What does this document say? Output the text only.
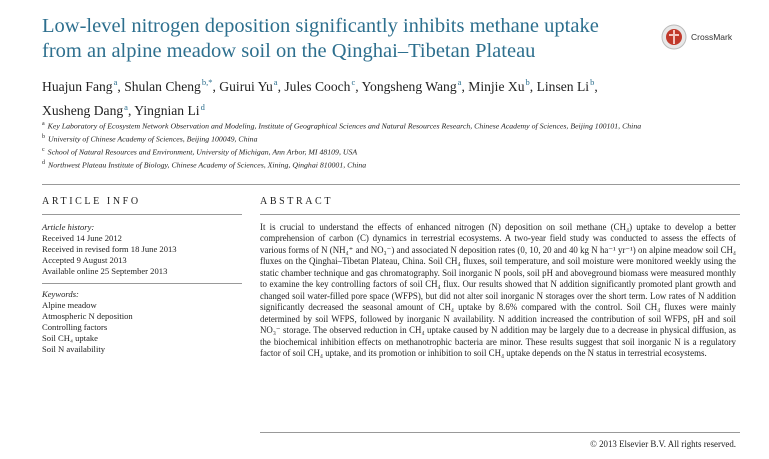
Low-level nitrogen deposition significantly inhibits methane uptake
from an alpine meadow soil on the Qinghai–Tibetan Plateau
CrossMark
Huajun Fang$^a$, Shulan Cheng$^{b,*}$, Guirui Yu$^a$, Jules Cooch$^c$, Yongsheng Wang$^a$, Minjie Xu$^b$, Linsen Li$^b$,
Xusheng Dang$^a$, Yingnian Li$^d$
$^a$ Key Laboratory of Ecosystem Network Observation and Modeling, Institute of Geographical Sciences and Natural Resources Research, Chinese Academy of Sciences, Beijing 100101, China
$^b$ University of Chinese Academy of Sciences, Beijing 100049, China
$^c$ School of Natural Resources and Environment, University of Michigan, Ann Arbor, MI 48109, USA
$^d$ Northwest Plateau Institute of Biology, Chinese Academy of Sciences, Xining, Qinghai 810001, China
ARTICLE INFO	ABSTRACT
Article history:
Received 14 June 2012
Received in revised form 18 June 2013
Accepted 9 August 2013
Available online 25 September 2013
Keywords:
Alpine meadow
Atmospheric N deposition
Controlling factors
Soil CH₄ uptake
Soil N availability

It is crucial to understand the effects of enhanced nitrogen (N) deposition on soil methane (CH₄) uptake to develop a better comprehension of carbon (C) dynamics in terrestrial ecosystems. A two-year field study was conducted to assess the effects of various forms of N (NH₄⁺ and NO₃⁻) and associated N deposition rates (0, 10, 20 and 40 kg N ha⁻¹ yr⁻¹) on alpine meadow soil CH₄ fluxes on the Qinghai–Tibetan Plateau, China. Soil CH₄ fluxes, soil temperature, and soil moisture were monitored weekly using the static chamber technique and gas chromatography. Soil inorganic N pools, soil pH and aboveground biomass were measured monthly to examine the key controlling factors of soil CH₄ flux. Our results showed that N addition significantly promoted plant growth and changed soil water-filled pore space (WFPS), but did not alter soil inorganic N storages over the short term. Low rates of N addition significantly decreased the seasonal amount of CH₄ uptake by 8.6% compared with the control. Soil CH₄ fluxes were mainly determined by soil WFPS, followed by inorganic N availability. N addition increased the contribution of soil WFPS, pH and soil NO₃⁻ storage. The observed reduction in CH₄ uptake caused by N addition may be largely due to a decrease in physical diffusion, as the biochemical inhibition effects on methanotrophic bacteria are minor. These results suggest that soil inorganic N is a regulatory factor of soil CH₄ uptake, and its promotion or inhibition to soil CH₄ uptake depends on the N status in terrestrial ecosystems.

© 2013 Elsevier B.V. All rights reserved.
